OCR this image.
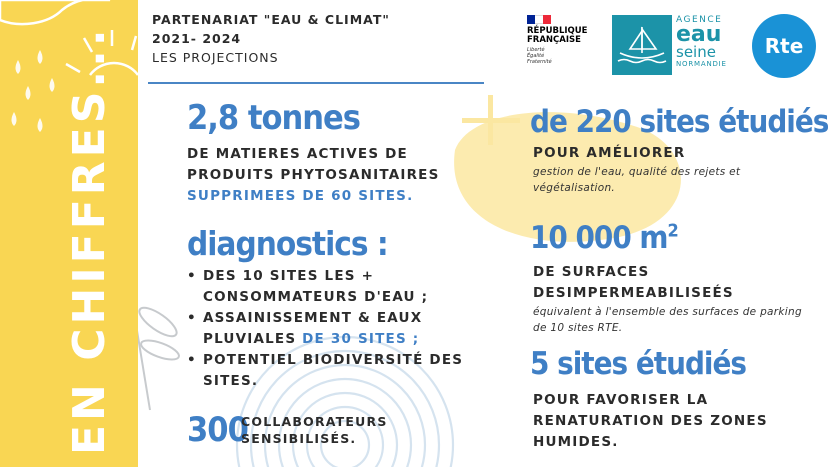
EN CHIFFRES...
PARTENARIAT "EAU & CLIMAT"
2021- 2024
LES PROJECTIONS
RÉPUBLIQUE
FRANÇAISE
Liberté
Égalité
Fraternité
AGENCE
eau
seine
NORMANDIE
Rte
2,8 tonnes
DE MATIERES ACTIVES DE
PRODUITS PHYTOSANITAIRES
SUPPRIMEES DE 60 SITES.
diagnostics :
• DES 10 SITES LES +
CONSOMMATEURS D'EAU ;
• ASSAINISSEMENT & EAUX
PLUVIALES DE 30 SITES ;
• POTENTIEL BIODIVERSITÉ DES
SITES.
300
COLLABORATEURS
SENSIBILISÉS.
de 220 sites étudiés
POUR AMÉLIORER
gestion de l'eau, qualité des rejets et
végétalisation.
10 000 $m^2$
DE SURFACES
DESIMPERMEABILISEÉS
équivalent à l'ensemble des surfaces de parking
de 10 sites RTE.
5 sites étudiés
POUR FAVORISER LA
RENATURATION DES ZONES
HUMIDES.
